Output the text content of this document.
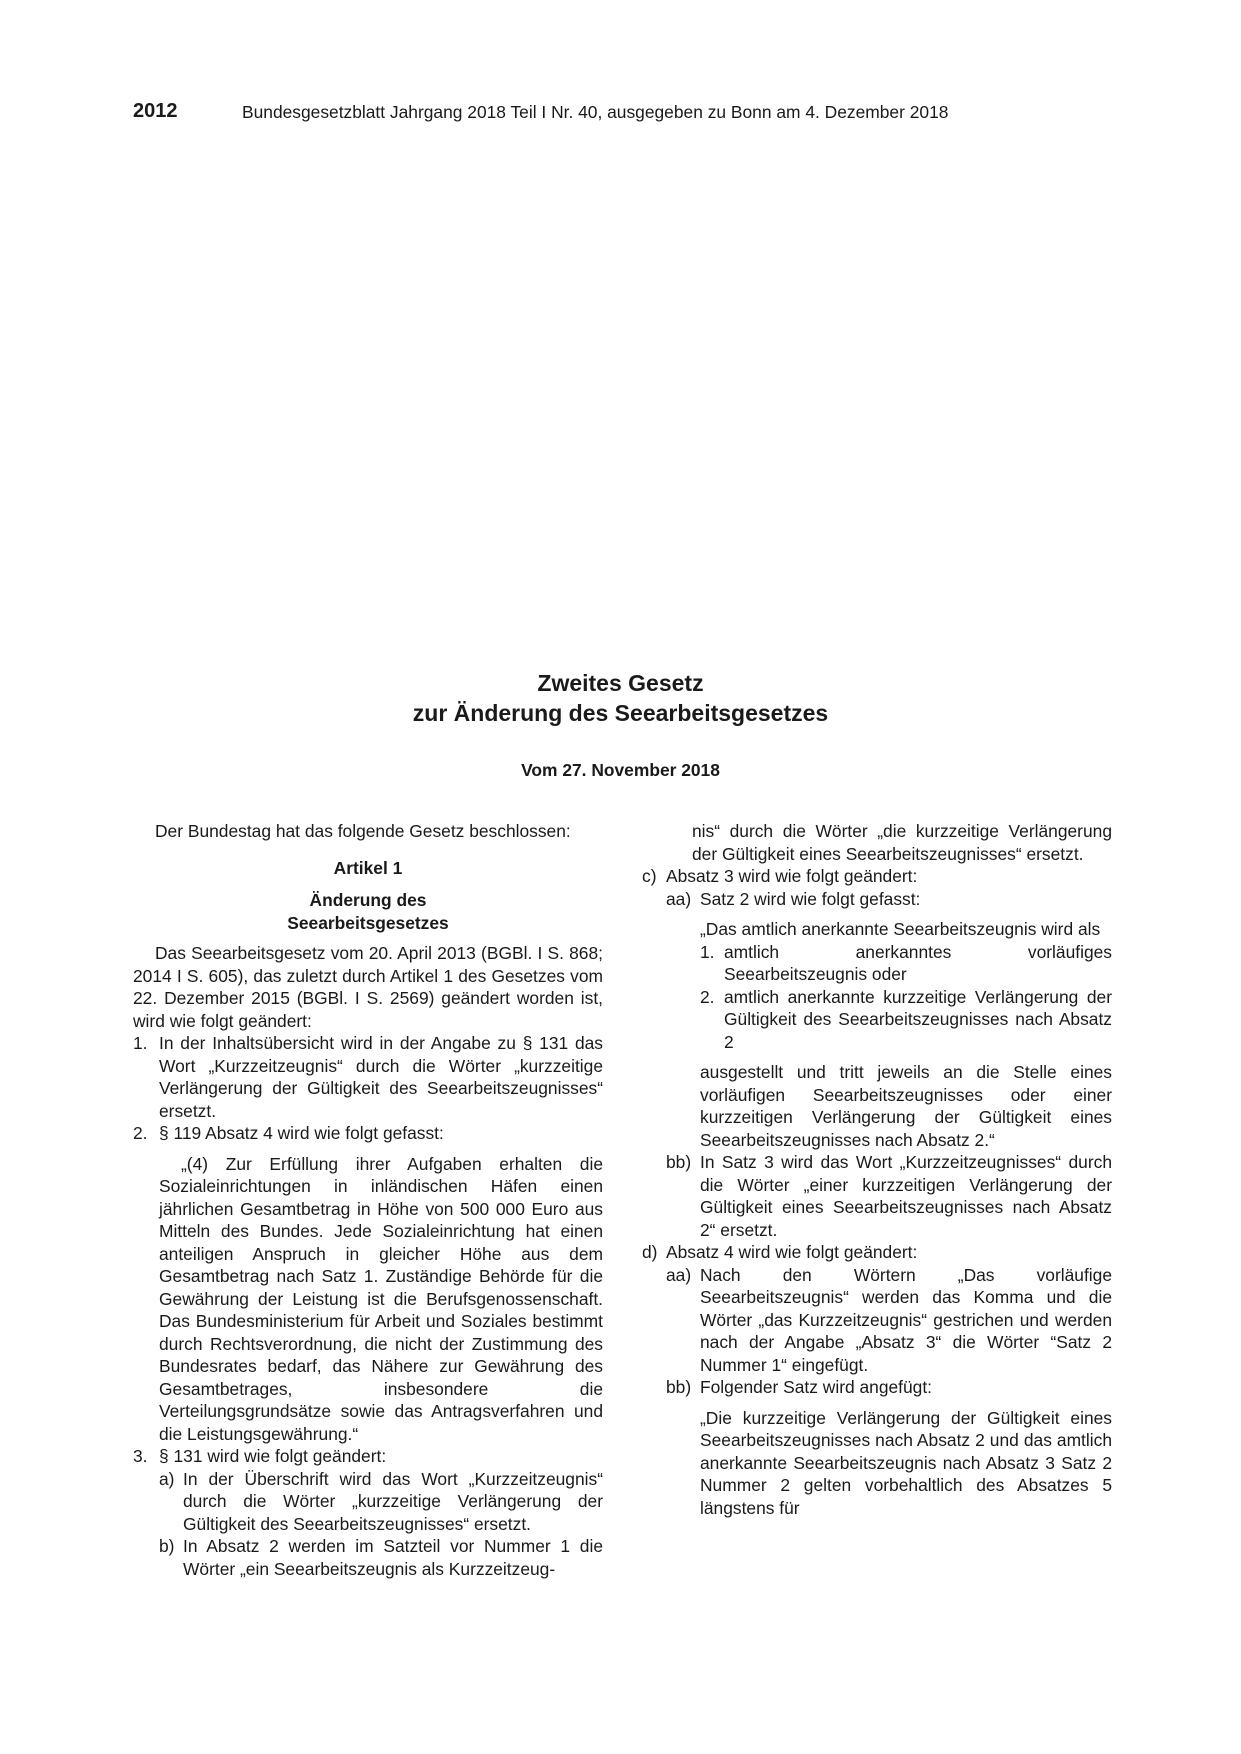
2012	Bundesgesetzblatt Jahrgang 2018 Teil I Nr. 40, ausgegeben zu Bonn am 4. Dezember 2018
Zweites Gesetz
zur Änderung des Seearbeitsgesetzes
Vom 27. November 2018

Der Bundestag hat das folgende Gesetz beschlossen:

Artikel 1

Änderung des

Seearbeitsgesetzes

Das Seearbeitsgesetz vom 20. April 2013 (BGBl. I S. 868; 2014 I S. 605), das zuletzt durch Artikel 1 des Gesetzes vom 22. Dezember 2015 (BGBl. I S. 2569) geändert worden ist, wird wie folgt geändert:

1. In der Inhaltsübersicht wird in der Angabe zu § 131 das Wort „Kurzzeitzeugnis“ durch die Wörter „kurzzeitige Verlängerung der Gültigkeit des Seearbeitszeugnisses“ ersetzt.
2. § 119 Absatz 4 wird wie folgt gefasst:

„(4) Zur Erfüllung ihrer Aufgaben erhalten die Sozialeinrichtungen in inländischen Häfen einen jährlichen Gesamtbetrag in Höhe von 500 000 Euro aus Mitteln des Bundes. Jede Sozialeinrichtung hat einen anteiligen Anspruch in gleicher Höhe aus dem Gesamtbetrag nach Satz 1. Zuständige Behörde für die Gewährung der Leistung ist die Berufsgenossenschaft. Das Bundesministerium für Arbeit und Soziales bestimmt durch Rechtsverordnung, die nicht der Zustimmung des Bundesrates bedarf, das Nähere zur Gewährung des Gesamtbetrages, insbesondere die Verteilungsgrundsätze sowie das Antragsverfahren und die Leistungsgewährung.“

3. § 131 wird wie folgt geändert:
a) In der Überschrift wird das Wort „Kurzzeitzeugnis“ durch die Wörter „kurzzeitige Verlängerung der Gültigkeit des Seearbeitszeugnisses“ ersetzt.
b) In Absatz 2 werden im Satzteil vor Nummer 1 die Wörter „ein Seearbeitszeugnis als Kurzzeitzeug-

nis“ durch die Wörter „die kurzzeitige Verlängerung der Gültigkeit eines Seearbeitszeugnisses“ ersetzt.

c) Absatz 3 wird wie folgt geändert:
aa) Satz 2 wird wie folgt gefasst:

„Das amtlich anerkannte Seearbeitszeugnis wird als

1. amtlich anerkanntes vorläufiges Seearbeitszeugnis oder
2. amtlich anerkannte kurzzeitige Verlängerung der Gültigkeit des Seearbeitszeugnisses nach Absatz 2

ausgestellt und tritt jeweils an die Stelle eines vorläufigen Seearbeitszeugnisses oder einer kurzzeitigen Verlängerung der Gültigkeit eines Seearbeitszeugnisses nach Absatz 2.“

bb) In Satz 3 wird das Wort „Kurzzeitzeugnisses“ durch die Wörter „einer kurzzeitigen Verlängerung der Gültigkeit eines Seearbeitszeugnisses nach Absatz 2“ ersetzt.
d) Absatz 4 wird wie folgt geändert:
aa) Nach den Wörtern „Das vorläufige Seearbeitszeugnis“ werden das Komma und die Wörter „das Kurzzeitzeugnis“ gestrichen und werden nach der Angabe „Absatz 3“ die Wörter “Satz 2 Nummer 1“ eingefügt.
bb) Folgender Satz wird angefügt:

„Die kurzzeitige Verlängerung der Gültigkeit eines Seearbeitszeugnisses nach Absatz 2 und das amtlich anerkannte Seearbeitszeugnis nach Absatz 3 Satz 2 Nummer 2 gelten vorbehaltlich des Absatzes 5 längstens für
